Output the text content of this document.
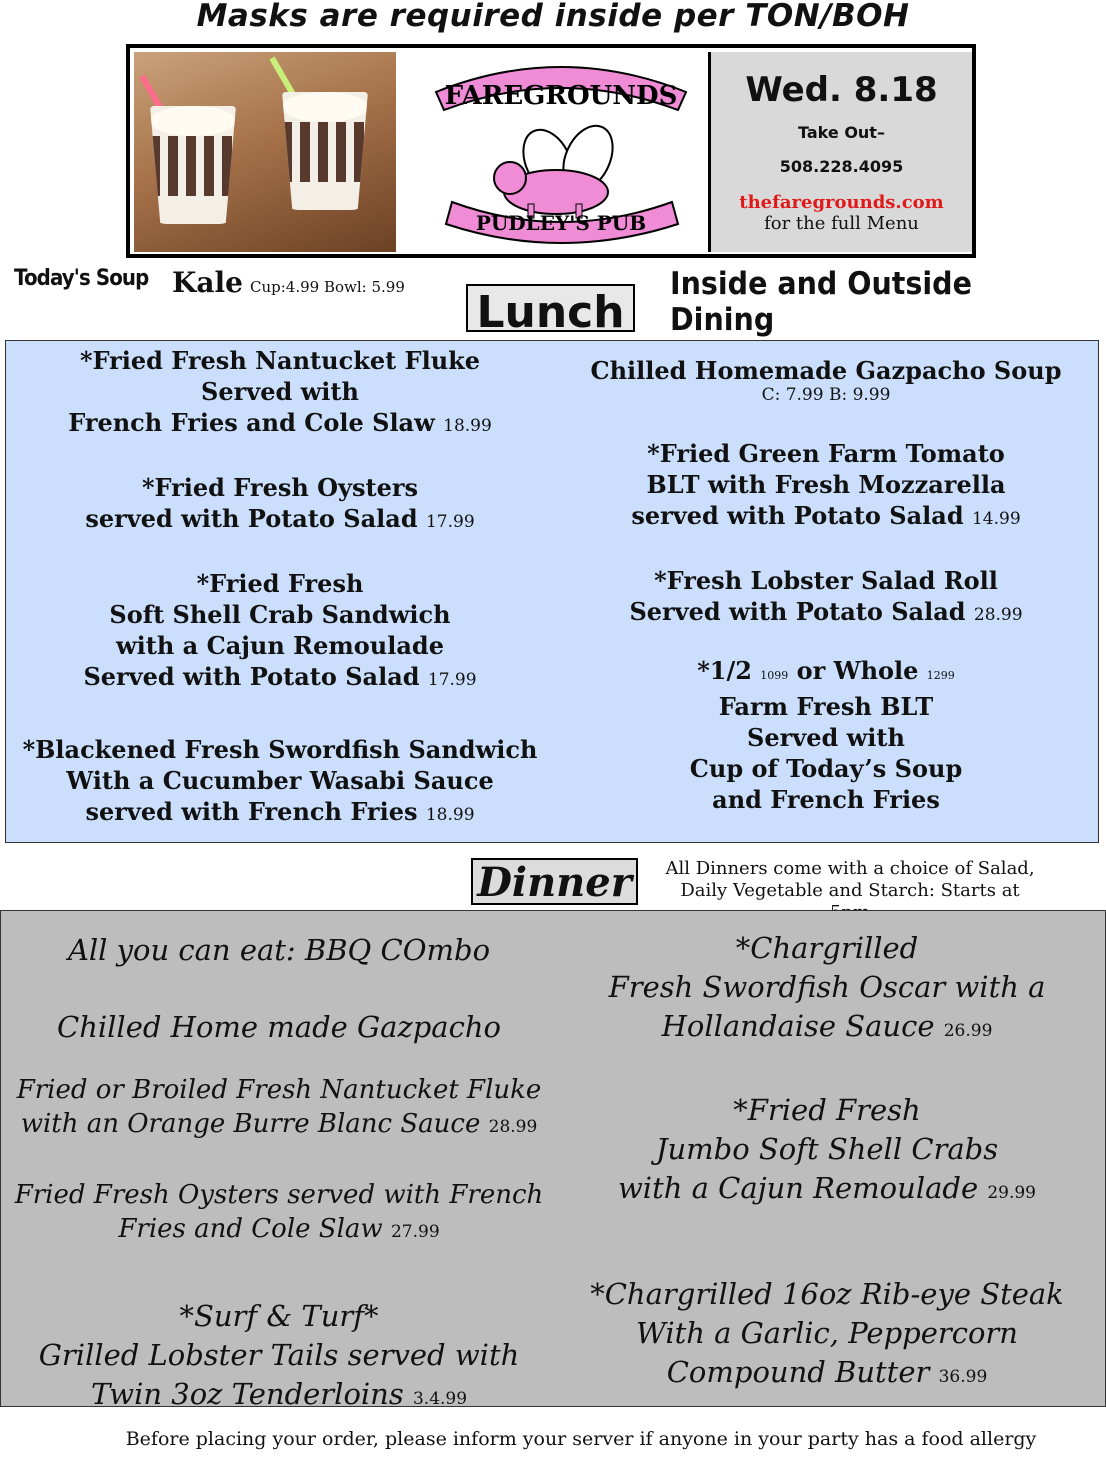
Masks are required inside per TON/BOH
FAREGROUNDS
PUDLEY'S PUB
Wed. 8.18
Take Out–
508.228.4095
thefaregrounds.com
for the full Menu
Today's Soup Kale Cup:4.99 Bowl: 5.99 Lunch
Inside and Outside Dining
*Fried Fresh Nantucket Fluke
Served with
French Fries and Cole Slaw 18.99
*Fried Fresh Oysters
served with Potato Salad 17.99
*Fried Fresh
Soft Shell Crab Sandwich
with a Cajun Remoulade
Served with Potato Salad 17.99
*Blackened Fresh Swordfish Sandwich
With a Cucumber Wasabi Sauce
served with French Fries 18.99
Chilled Homemade Gazpacho Soup
C: 7.99 B: 9.99
*Fried Green Farm Tomato
BLT with Fresh Mozzarella
served with Potato Salad 14.99
*Fresh Lobster Salad Roll
Served with Potato Salad 28.99
*1/2 1099 or Whole 1299
Farm Fresh BLT
Served with
Cup of Today’s Soup
and French Fries
Dinner	All Dinners come with a choice of Salad,
Daily Vegetable and Starch: Starts at
All you can eat: BBQ COmbo
Chilled Home made Gazpacho
Fried or Broiled Fresh Nantucket Fluke
with an Orange Burre Blanc Sauce 28.99
Fried Fresh Oysters served with French
Fries and Cole Slaw 27.99
*Surf & Turf*
Grilled Lobster Tails served with
Twin 3oz Tenderloins 3.4.99
*Chargrilled
Fresh Swordfish Oscar with a
Hollandaise Sauce 26.99
*Fried Fresh
Jumbo Soft Shell Crabs
with a Cajun Remoulade 29.99
*Chargrilled 16oz Rib-eye Steak
With a Garlic, Peppercorn
Compound Butter 36.99
Before placing your order, please inform your server if anyone in your party has a food allergy
